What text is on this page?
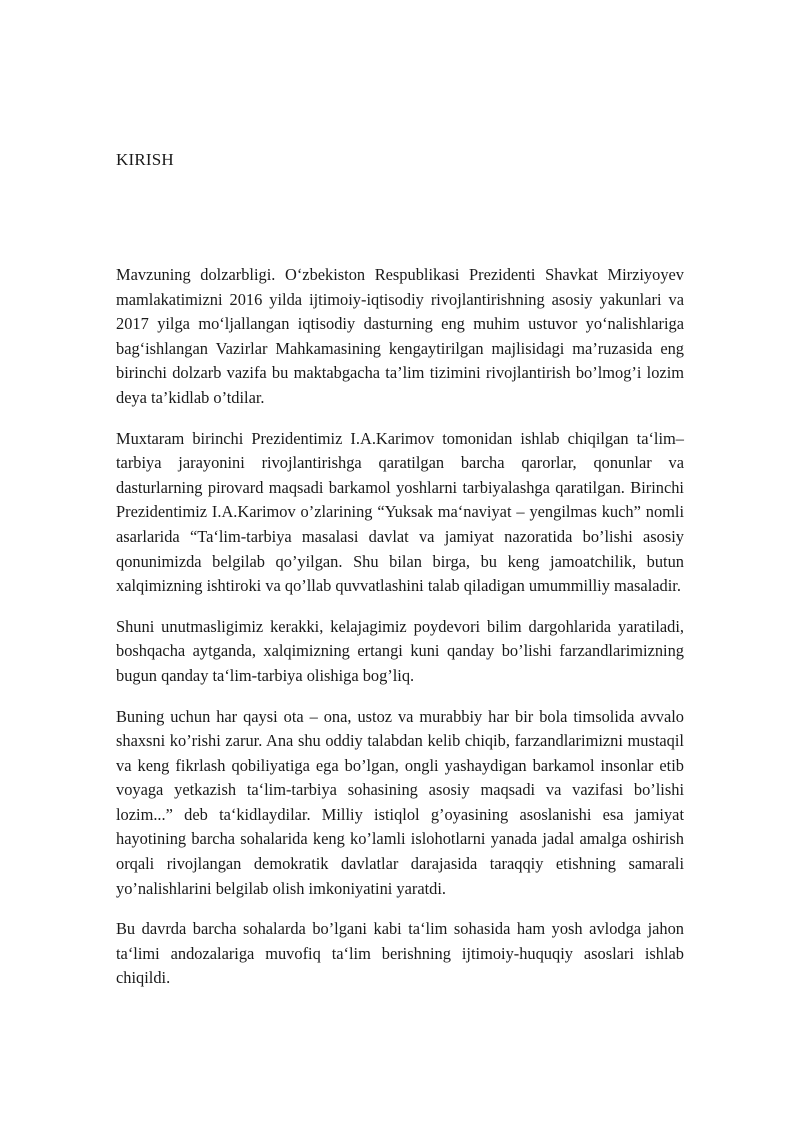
KIRISH

Mavzuning dolzarbligi. O‘zbekiston Respublikasi Prezidenti Shavkat Mirziyoyev mamlakatimizni 2016 yilda ijtimoiy-iqtisodiy rivojlantirishning asosiy yakunlari va 2017 yilga mo‘ljallangan iqtisodiy dasturning eng muhim ustuvor yo‘nalishlariga bag‘ishlangan Vazirlar Mahkamasining kengaytirilgan majlisidagi ma’ruzasida eng birinchi dolzarb vazifa bu maktabgacha ta’lim tizimini rivojlantirish bo’lmog’i lozim deya ta’kidlab o’tdilar.

Muxtaram birinchi Prezidentimiz I.A.Karimov tomonidan ishlab chiqilgan ta‘lim–tarbiya jarayonini rivojlantirishga qaratilgan barcha qarorlar, qonunlar va dasturlarning pirovard maqsadi barkamol yoshlarni tarbiyalashga qaratilgan. Birinchi Prezidentimiz I.A.Karimov o’zlarining “Yuksak ma‘naviyat – yengilmas kuch” nomli asarlarida “Ta‘lim-tarbiya masalasi davlat va jamiyat nazoratida bo’lishi asosiy qonunimizda belgilab qo’yilgan. Shu bilan birga, bu keng jamoatchilik, butun xalqimizning ishtiroki va qo’llab quvvatlashini talab qiladigan umummilliy masaladir.

Shuni unutmasligimiz kerakki, kelajagimiz poydevori bilim dargohlarida yaratiladi, boshqacha aytganda, xalqimizning ertangi kuni qanday bo’lishi farzandlarimizning bugun qanday ta‘lim-tarbiya olishiga bog’liq.

Buning uchun har qaysi ota – ona, ustoz va murabbiy har bir bola timsolida avvalo shaxsni ko’rishi zarur. Ana shu oddiy talabdan kelib chiqib, farzandlarimizni mustaqil va keng fikrlash qobiliyatiga ega bo’lgan, ongli yashaydigan barkamol insonlar etib voyaga yetkazish ta‘lim-tarbiya sohasining asosiy maqsadi va vazifasi bo’lishi lozim...” deb ta‘kidlaydilar. Milliy istiqlol g’oyasining asoslanishi esa jamiyat hayotining barcha sohalarida keng ko’lamli islohotlarni yanada jadal amalga oshirish orqali rivojlangan demokratik davlatlar darajasida taraqqiy etishning samarali yo’nalishlarini belgilab olish imkoniyatini yaratdi.

Bu davrda barcha sohalarda bo’lgani kabi ta‘lim sohasida ham yosh avlodga jahon ta‘limi andozalariga muvofiq ta‘lim berishning ijtimoiy-huquqiy asoslari ishlab chiqildi.
